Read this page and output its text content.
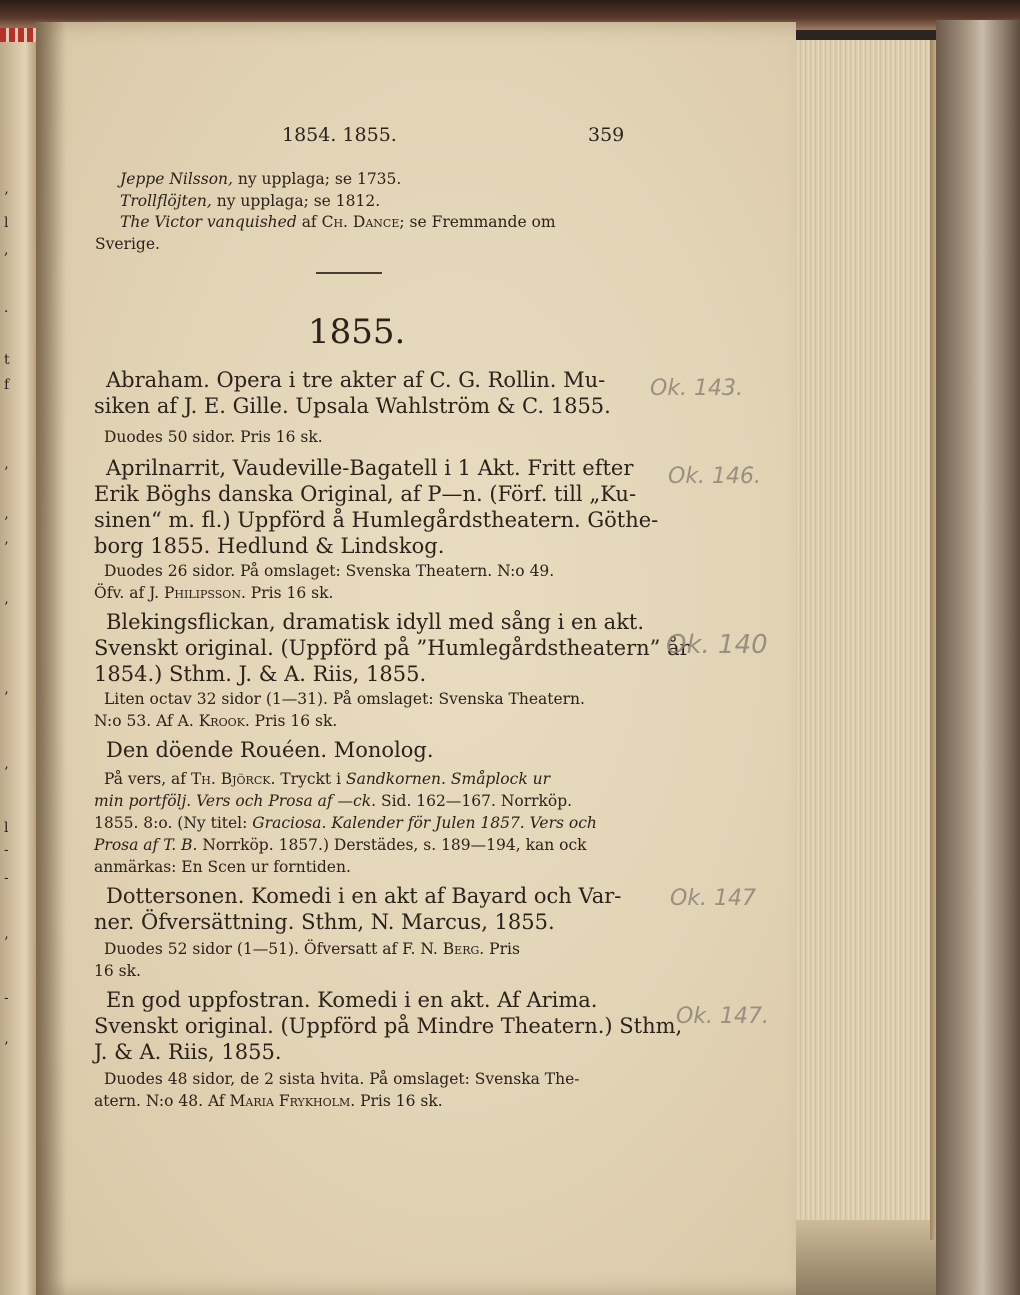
’
l
,
.
t
f
’
’
’
’
’
’
l
-
-
’
-
’
1854. 1855.	359
Jeppe Nilsson, ny upplaga; se 1735.
Trollflöjten, ny upplaga; se 1812.
The Victor vanquished af Ch. Dance; se Fremmande om
Sverige.
1855.
Abraham. Opera i tre akter af C. G. Rollin. Mu-
siken af J. E. Gille. Upsala Wahlström & C. 1855.
Duodes 50 sidor. Pris 16 sk.
Ok. 143.
Aprilnarrit, Vaudeville-Bagatell i 1 Akt. Fritt efter
Erik Böghs danska Original, af P—n. (Förf. till „Ku-
sinen“ m. fl.) Uppförd å Humlegårdstheatern. Göthe-
borg 1855. Hedlund & Lindskog.
Duodes 26 sidor. På omslaget: Svenska Theatern. N:o 49.
Öfv. af J. Philipsson. Pris 16 sk.
Ok. 146.
Blekingsflickan, dramatisk idyll med sång i en akt.
Svenskt original. (Uppförd på ”Humlegårdstheatern” år
1854.) Sthm. J. & A. Riis, 1855.
Liten octav 32 sidor (1—31). På omslaget: Svenska Theatern.
N:o 53. Af A. Krook. Pris 16 sk.
Ok. 140
Den döende Rouéen. Monolog.
På vers, af Th. Björck. Tryckt i Sandkornen. Småplock ur
min portfölj. Vers och Prosa af —ck. Sid. 162—167. Norrköp.
1855. 8:o. (Ny titel: Graciosa. Kalender för Julen 1857. Vers och
Prosa af T. B. Norrköp. 1857.) Derstädes, s. 189—194, kan ock
anmärkas: En Scen ur forntiden.
Dottersonen. Komedi i en akt af Bayard och Var-
ner. Öfversättning. Sthm, N. Marcus, 1855.
Duodes 52 sidor (1—51). Öfversatt af F. N. Berg. Pris
16 sk.
Ok. 147
En god uppfostran. Komedi i en akt. Af Arima.
Svenskt original. (Uppförd på Mindre Theatern.) Sthm,
J. & A. Riis, 1855.
Duodes 48 sidor, de 2 sista hvita. På omslaget: Svenska The-
atern. N:o 48. Af Maria Frykholm. Pris 16 sk.
Ok. 147.
